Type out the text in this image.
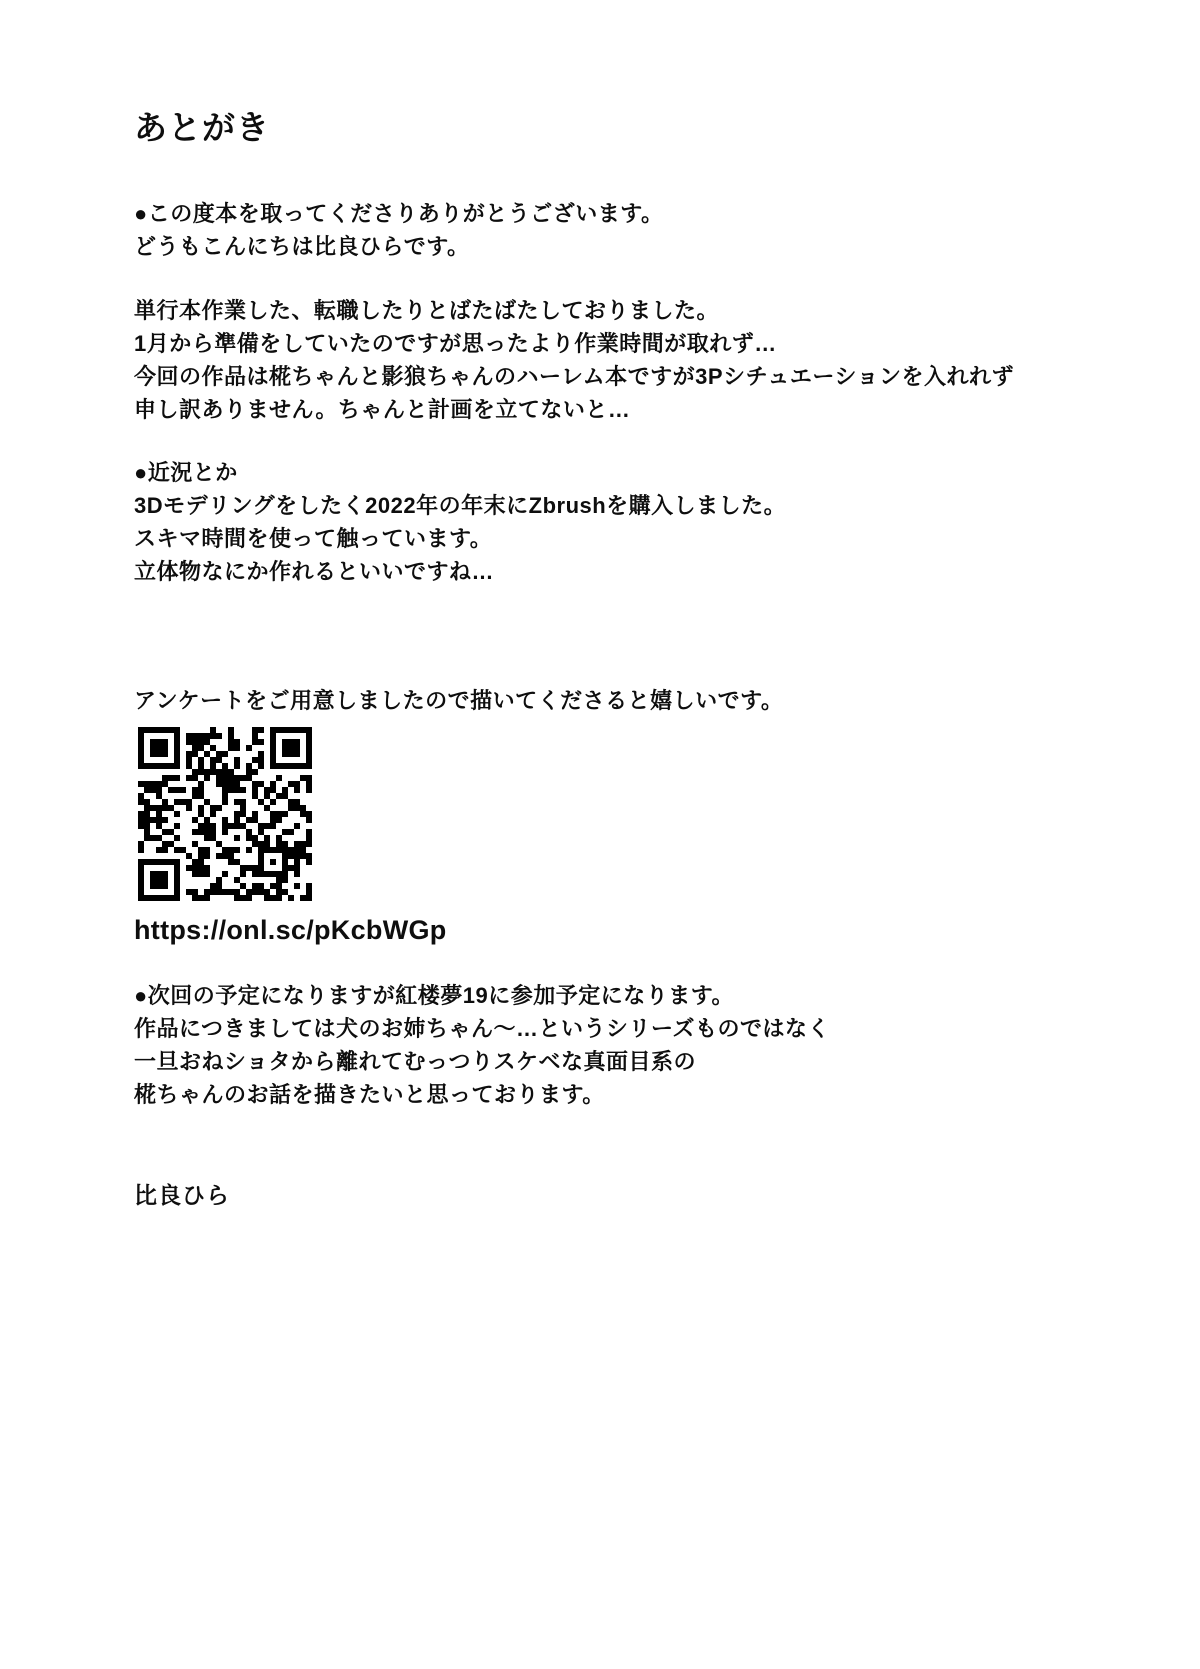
あとがき

●この度本を取ってくださりありがとうございます。

どうもこんにちは比良ひらです。

単行本作業した、転職したりとばたばたしておりました。

1月から準備をしていたのですが思ったより作業時間が取れず…

今回の作品は椛ちゃんと影狼ちゃんのハーレム本ですが3Pシチュエーションを入れれず

申し訳ありません。ちゃんと計画を立てないと…

●近況とか

3Dモデリングをしたく2022年の年末にZbrushを購入しました。

スキマ時間を使って触っています。

立体物なにか作れるといいですね…

アンケートをご用意しましたので描いてくださると嬉しいです。

https://onl.sc/pKcbWGp

●次回の予定になりますが紅楼夢19に参加予定になります。

作品につきましては犬のお姉ちゃん〜…というシリーズものではなく

一旦おねショタから離れてむっつりスケベな真面目系の

椛ちゃんのお話を描きたいと思っております。

比良ひら
